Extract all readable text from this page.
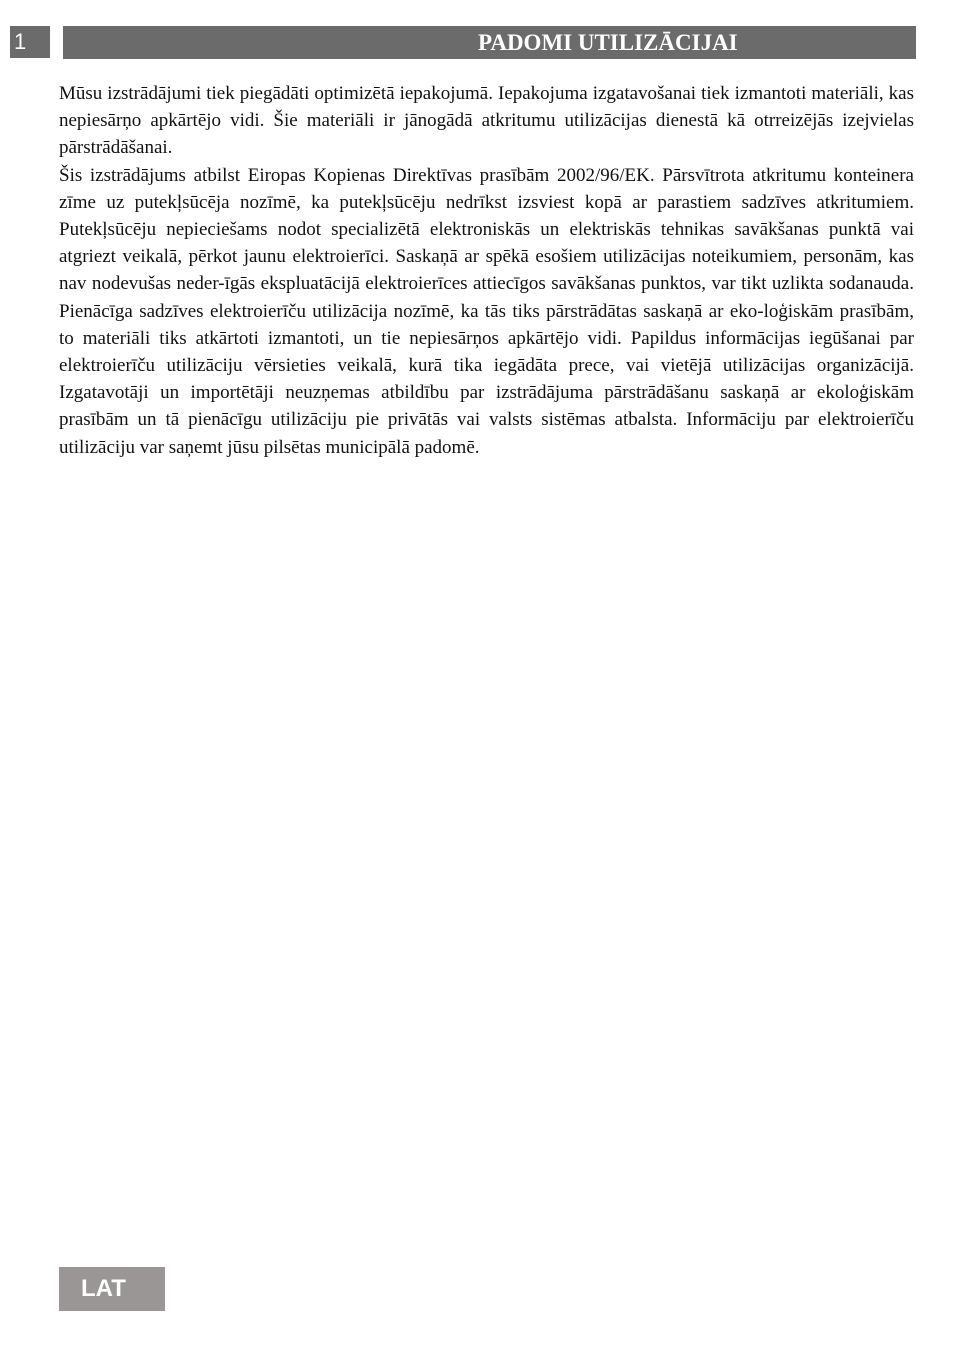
1	PADOMI UTILIZĀCIJAI

Mūsu izstrādājumi tiek piegādāti optimizētā iepakojumā. Iepakojuma izgatavošanai tiek izmantoti materiāli, kas nepiesārņo apkārtējo vidi. Šie materiāli ir jānogādā atkritumu utilizācijas dienestā kā otrreizējās izejvielas pārstrādāšanai.

Šis izstrādājums atbilst Eiropas Kopienas Direktīvas prasībām 2002/96/EK. Pārsvītrota atkritumu konteinera zīme uz putekļsūcēja nozīmē, ka putekļsūcēju nedrīkst izsviest kopā ar parastiem sadzīves atkritumiem. Putekļsūcēju nepieciešams nodot specializētā elektroniskās un elektriskās tehnikas savākšanas punktā vai atgriezt veikalā, pērkot jaunu elektroierīci. Saskaņā ar spēkā esošiem utilizācijas noteikumiem, personām, kas nav nodevušas neder-īgās ekspluatācijā elektroierīces attiecīgos savākšanas punktos, var tikt uzlikta sodanauda. Pienācīga sadzīves elektroierīču utilizācija nozīmē, ka tās tiks pārstrādātas saskaņā ar eko-loģiskām prasībām, to materiāli tiks atkārtoti izmantoti, un tie nepiesārņos apkārtējo vidi. Papildus informācijas iegūšanai par elektroierīču utilizāciju vērsieties veikalā, kurā tika iegādāta prece, vai vietējā utilizācijas organizācijā. Izgatavotāji un importētāji neuzņemas atbildību par izstrādājuma pārstrādāšanu saskaņā ar ekoloģiskām prasībām un tā pienācīgu utilizāciju pie privātās vai valsts sistēmas atbalsta. Informāciju par elektroierīču utilizāciju var saņemt jūsu pilsētas municipālā padomē.

LAT
